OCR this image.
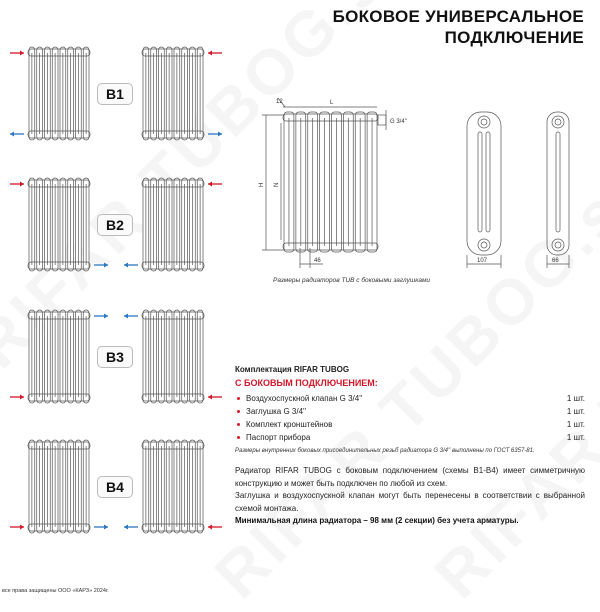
БОКОВОЕ УНИВЕРСАЛЬНОЕ
ПОДКЛЮЧЕНИЕ
B1
B2
B3
B4
12	L
H N
46
G 3/4''
107	66
Размеры радиаторов TUB с боковыми заглушками
Комплектация RIFAR TUBOG
С БОКОВЫМ ПОДКЛЮЧЕНИЕМ:
Воздухоспускной клапан G 3/4''	1 шт.
Заглушка G 3/4''	1 шт.
Комплект кронштейнов	1 шт.
Паспорт прибора	1 шт.
Размеры внутренних боковых присоединительных резьб радиатора G 3/4'' выполнены по ГОСТ 6357-81.

Радиатор RIFAR TUBOG с боковым подключением (схемы В1-В4) имеет симметричную конструкцию и может быть подключен по любой из схем.

Заглушка и воздухоспускной клапан могут быть перенесены в соответствии с выбранной схемой монтажа.

Минимальная длина радиатора – 98 мм (2 секции) без учета арматуры.

все права защищены ООО «КАРЗ» 2024г.
